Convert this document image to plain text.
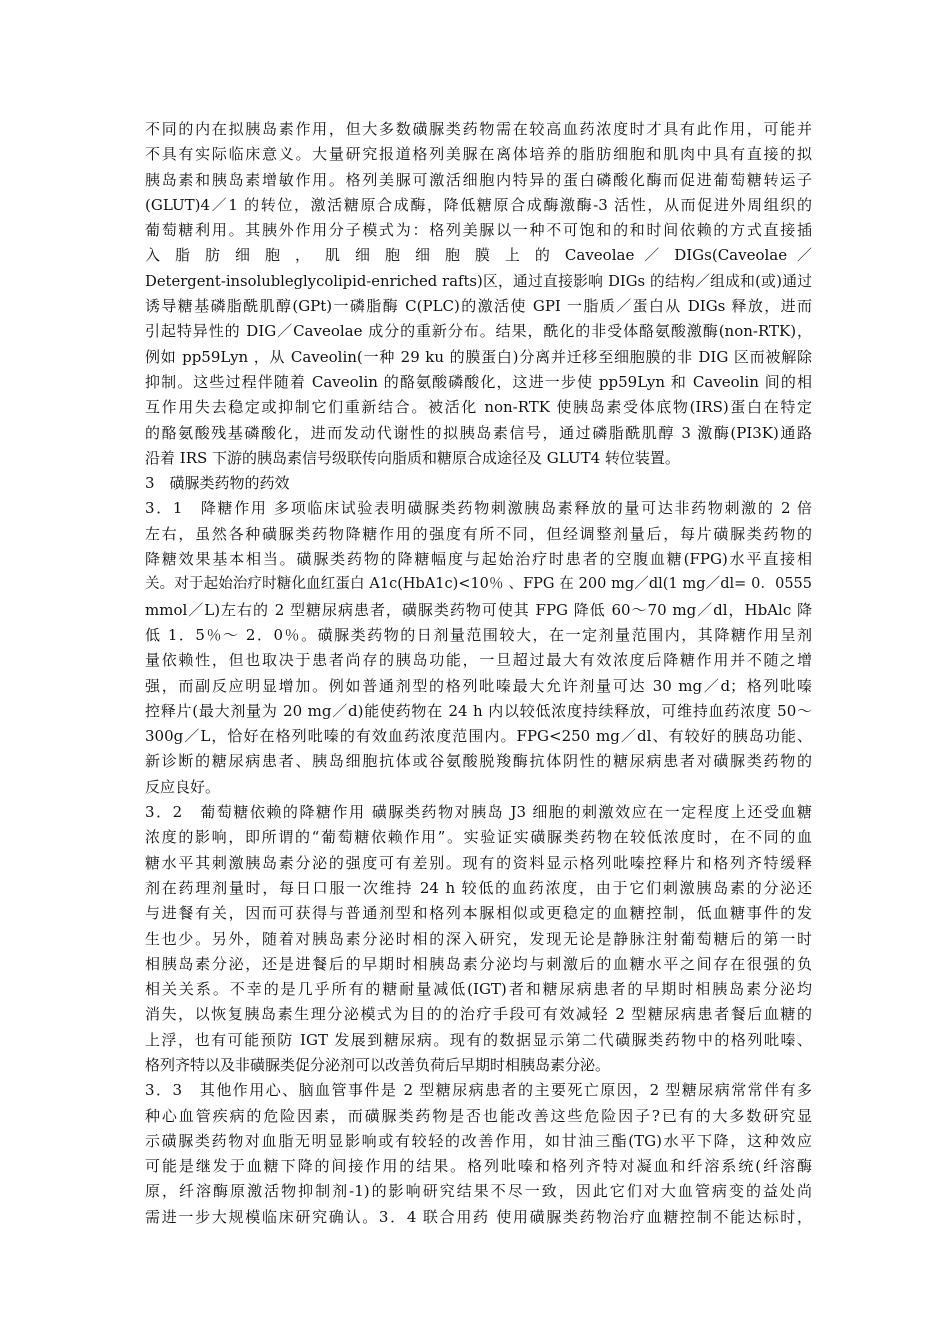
不同的内在拟胰岛素作用，但大多数磺脲类药物需在较高血药浓度时才具有此作用，可能并
不具有实际临床意义。大量研究报道格列美脲在离体培养的脂肪细胞和肌肉中具有直接的拟
胰岛素和胰岛素增敏作用。格列美脲可激活细胞内特异的蛋白磷酸化酶而促进葡萄糖转运子
(GLUT)4／1 的转位，激活糖原合成酶，降低糖原合成酶激酶-3 活性，从而促进外周组织的
葡萄糖利用。其胰外作用分子模式为：格列美脲以一种不可饱和的和时间依赖的方式直接插
入 脂 肪 细 胞 ， 肌 细 胞 细 胞 膜 上 的 Caveolae ／ DIGs(Caveolae ／
Detergent-insolubleglycolipid-enriched rafts)区，通过直接影响 DIGs 的结构／组成和(或)通过
诱导糖基磷脂酰肌醇(GPt)一磷脂酶 C(PLC)的激活使 GPI 一脂质／蛋白从 DIGs 释放，进而
引起特异性的 DIG／Caveolae 成分的重新分布。结果，酰化的非受体酪氨酸激酶(non-RTK)，
例如 pp59Lyn ，从 Caveolin(一种 29 ku 的膜蛋白)分离并迁移至细胞膜的非 DIG 区而被解除
抑制。这些过程伴随着 Caveolin 的酪氨酸磷酸化，这进一步使 pp59Lyn 和 Caveolin 间的相
互作用失去稳定或抑制它们重新结合。被活化 non-RTK 使胰岛素受体底物(IRS)蛋白在特定
的酪氨酸残基磷酸化，进而发动代谢性的拟胰岛素信号，通过磷脂酰肌醇 3 激酶(PI3K)通路
沿着 IRS 下游的胰岛素信号级联传向脂质和糖原合成途径及 GLUT4 转位装置。
3　磺脲类药物的药效
3．1　降糖作用 多项临床试验表明磺脲类药物刺激胰岛素释放的量可达非药物刺激的 2 倍
左右，虽然各种磺脲类药物降糖作用的强度有所不同，但经调整剂量后，每片磺脲类药物的
降糖效果基本相当。磺脲类药物的降糖幅度与起始治疗时患者的空腹血糖(FPG)水平直接相
关。对于起始治疗时糖化血红蛋白 A1c(HbA1c)<10％ 、FPG 在 200 mg／dl(1 mg／dl= 0．0555
mmol／L)左右的 2 型糖尿病患者，磺脲类药物可使其 FPG 降低 60～70 mg／dl，HbAlc 降
低 1．5％～ 2．0％。磺脲类药物的日剂量范围较大，在一定剂量范围内，其降糖作用呈剂
量依赖性，但也取决于患者尚存的胰岛功能，一旦超过最大有效浓度后降糖作用并不随之增
强，而副反应明显增加。例如普通剂型的格列吡嗪最大允许剂量可达 30 mg／d；格列吡嗪
控释片(最大剂量为 20 mg／d)能使药物在 24 h 内以较低浓度持续释放，可维持血药浓度 50～
300g／L，恰好在格列吡嗪的有效血药浓度范围内。FPG<250 mg／dl、有较好的胰岛功能、
新诊断的糖尿病患者、胰岛细胞抗体或谷氨酸脱羧酶抗体阴性的糖尿病患者对磺脲类药物的
反应良好。
3．2　葡萄糖依赖的降糖作用 磺脲类药物对胰岛 J3 细胞的刺激效应在一定程度上还受血糖
浓度的影响，即所谓的“葡萄糖依赖作用”。实验证实磺脲类药物在较低浓度时，在不同的血
糖水平其刺激胰岛素分泌的强度可有差别。现有的资料显示格列吡嗪控释片和格列齐特缓释
剂在药理剂量时，每日口服一次维持 24 h 较低的血药浓度，由于它们刺激胰岛素的分泌还
与进餐有关，因而可获得与普通剂型和格列本脲相似或更稳定的血糖控制，低血糖事件的发
生也少。另外，随着对胰岛素分泌时相的深入研究，发现无论是静脉注射葡萄糖后的第一时
相胰岛素分泌，还是进餐后的早期时相胰岛素分泌均与刺激后的血糖水平之间存在很强的负
相关关系。不幸的是几乎所有的糖耐量减低(IGT)者和糖尿病患者的早期时相胰岛素分泌均
消失，以恢复胰岛素生理分泌模式为目的的治疗手段可有效减轻 2 型糖尿病患者餐后血糖的
上浮，也有可能预防 IGT 发展到糖尿病。现有的数据显示第二代磺脲类药物中的格列吡嗪、
格列齐特以及非磺脲类促分泌剂可以改善负荷后早期时相胰岛素分泌。
3．3　其他作用心、脑血管事件是 2 型糖尿病患者的主要死亡原因，2 型糖尿病常常伴有多
种心血管疾病的危险因素，而磺脲类药物是否也能改善这些危险因子?已有的大多数研究显
示磺脲类药物对血脂无明显影响或有较轻的改善作用，如甘油三酯(TG)水平下降，这种效应
可能是继发于血糖下降的间接作用的结果。格列吡嗪和格列齐特对凝血和纤溶系统(纤溶酶
原，纤溶酶原激活物抑制剂-1)的影响研究结果不尽一致，因此它们对大血管病变的益处尚
需进一步大规模临床研究确认。3．4 联合用药 使用磺脲类药物治疗血糖控制不能达标时，
